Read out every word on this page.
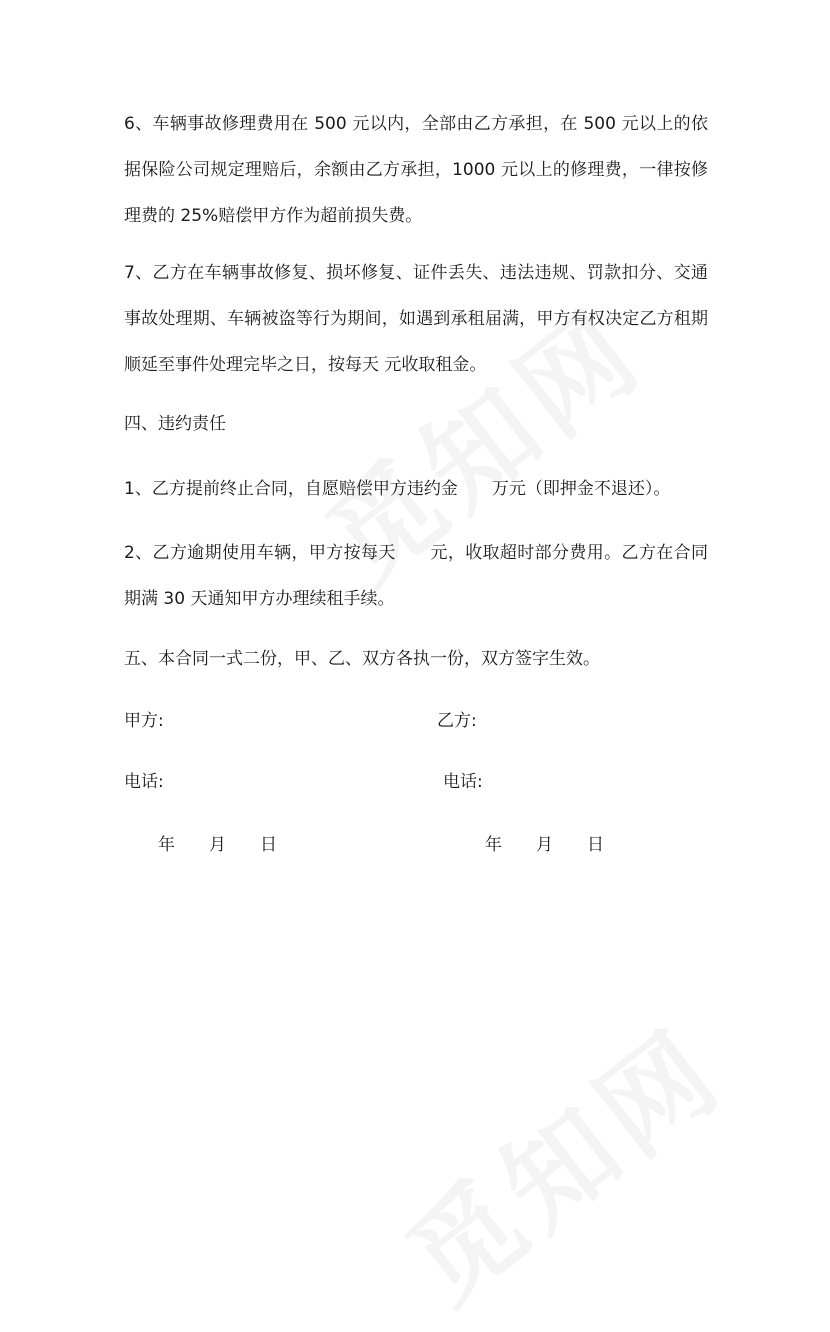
6、车辆事故修理费用在 500 元以内，全部由乙方承担，在 500 元以上的依据保险公司规定理赔后，余额由乙方承担，1000 元以上的修理费，一律按修理费的 25%赔偿甲方作为超前损失费。

7、乙方在车辆事故修复、损坏修复、证件丢失、违法违规、罚款扣分、交通事故处理期、车辆被盗等行为期间，如遇到承租届满，甲方有权决定乙方租期顺延至事件处理完毕之日，按每天 元收取租金。

四、违约责任
1、乙方提前终止合同，自愿赔偿甲方违约金　　万元（即押金不退还）。

2、乙方逾期使用车辆，甲方按每天　　元，收取超时部分费用。乙方在合同期满 30 天通知甲方办理续租手续。

五、本合同一式二份，甲、乙、双方各执一份，双方签字生效。
甲方:	乙方:
电话:	电话:
年　　月　　日	年　　月　　日
